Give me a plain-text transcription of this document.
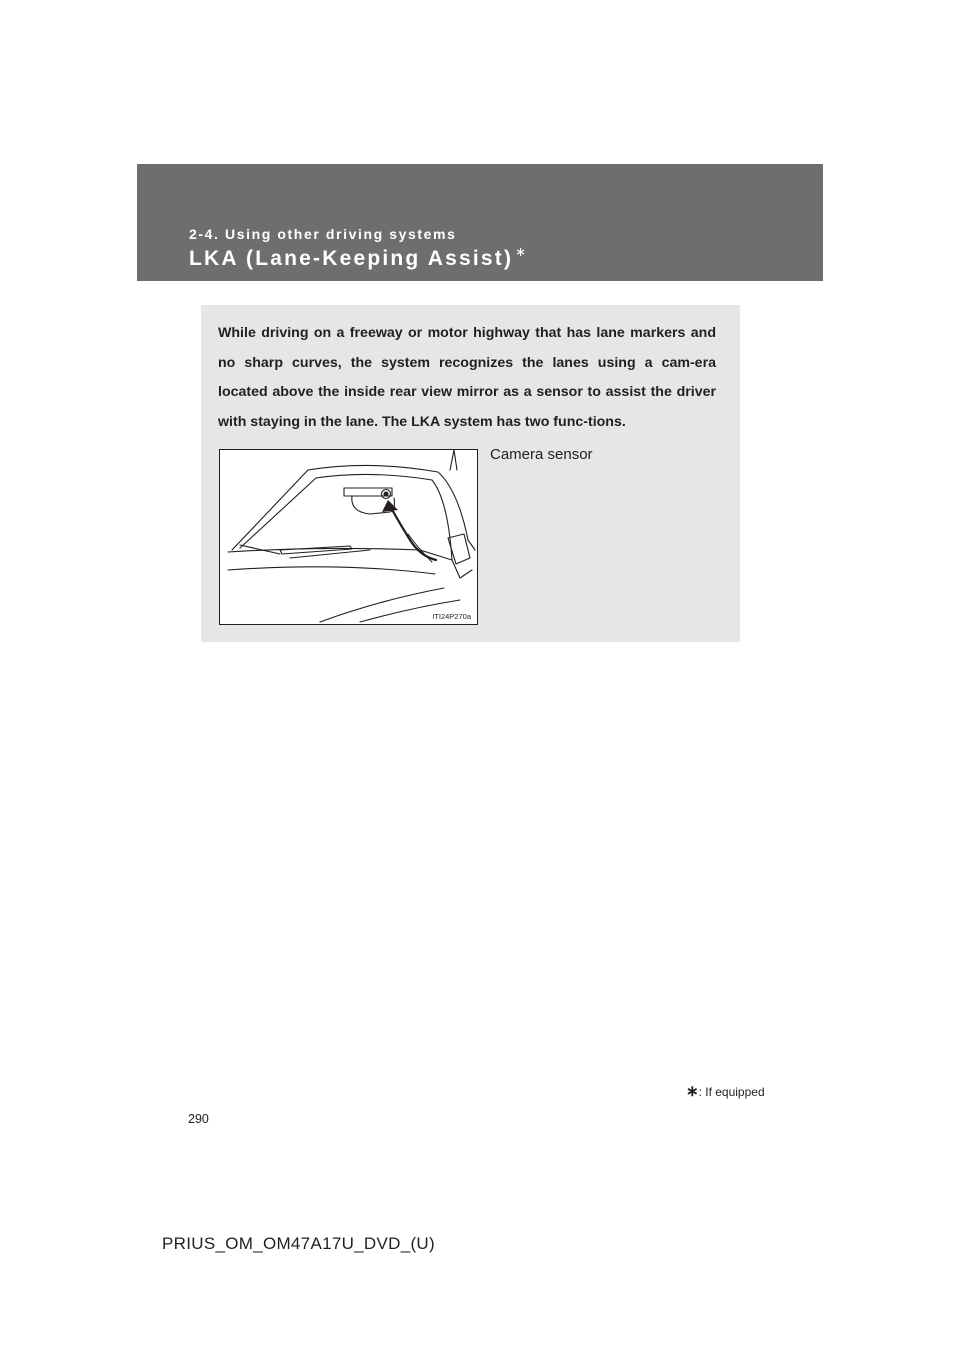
2-4. Using other driving systems
LKA (Lane-Keeping Assist) ∗
While driving on a freeway or motor highway that has lane markers and no sharp curves, the system recognizes the lanes using a cam-era located above the inside rear view mirror as a sensor to assist the driver with staying in the lane. The LKA system has two func-tions.
ITI24P270a
Camera sensor
∗: If equipped
290
PRIUS_OM_OM47A17U_DVD_(U)
